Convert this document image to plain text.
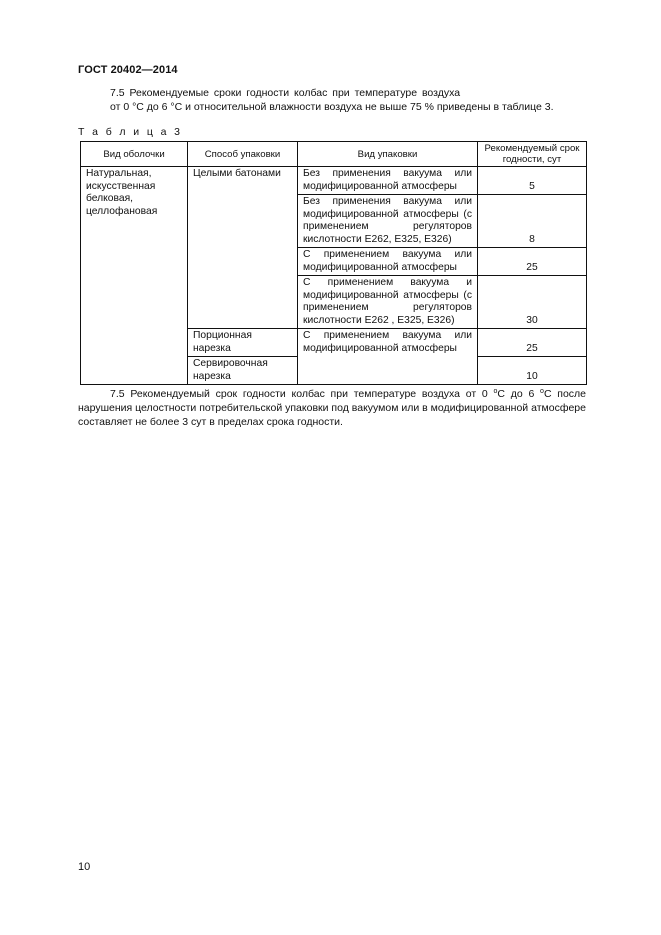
ГОСТ 20402—2014
7.5 Рекомендуемые сроки годности колбас при температуре воздуха
от 0 °С до 6 °С и относительной влажности воздуха не выше 75 % приведены в таблице 3.
Т а б л и ц а 3
Вид оболочки	Способ упаковки	Вид упаковки	Рекомендуемый срок годности, сут
Натуральная, искусственная белковая, целлофановая	Целыми батонами	Без применения вакуума или модифицированной атмосферы	5
		Без применения вакуума или модифицированной атмосферы (с применением регуляторов кислотности Е262, Е325, Е326)	8
		С применением вакуума или модифицированной атмосферы	25
		С применением вакуума и модифицированной атмосферы (с применением регуляторов кислотности Е262 , Е325, Е326)	30
	Порционная нарезка	С применением вакуума или модифицированной атмосферы	25
	Сервировочная нарезка		10
7.5 Рекомендуемый срок годности колбас при температуре воздуха от 0 $^о$С до 6 $^о$С после нарушения целостности потребительской упаковки под вакуумом или в модифицированной атмосфере составляет не более 3 сут в пределах срока годности.
10
